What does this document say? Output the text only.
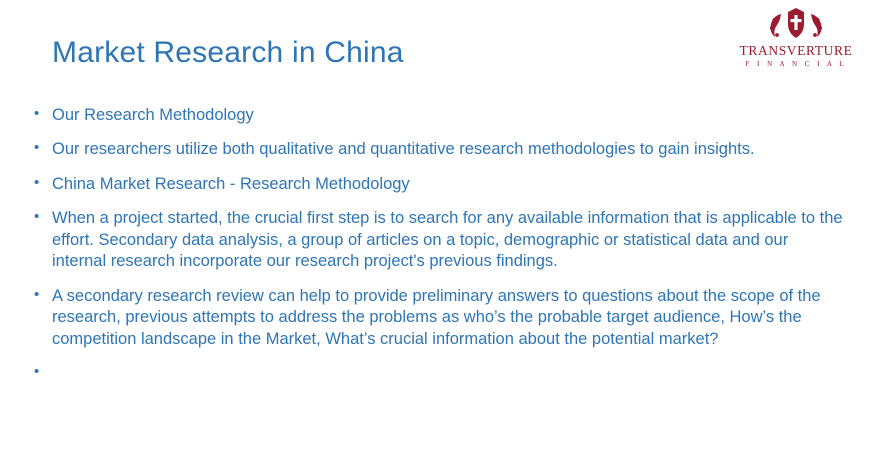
TRANSVERTURE
F I N A N C I A L
Market Research in China
• Our Research Methodology
• Our researchers utilize both qualitative and quantitative research methodologies to gain insights.
• China Market Research - Research Methodology
• When a project started, the crucial first step is to search for any available information that is applicable to the effort. Secondary data analysis, a group of articles on a topic, demographic or statistical data and our internal research incorporate our research project's previous findings.
• A secondary research review can help to provide preliminary answers to questions about the scope of the research, previous attempts to address the problems as who’s the probable target audience, How’s the competition landscape in the Market, What’s crucial information about the potential market?
•
